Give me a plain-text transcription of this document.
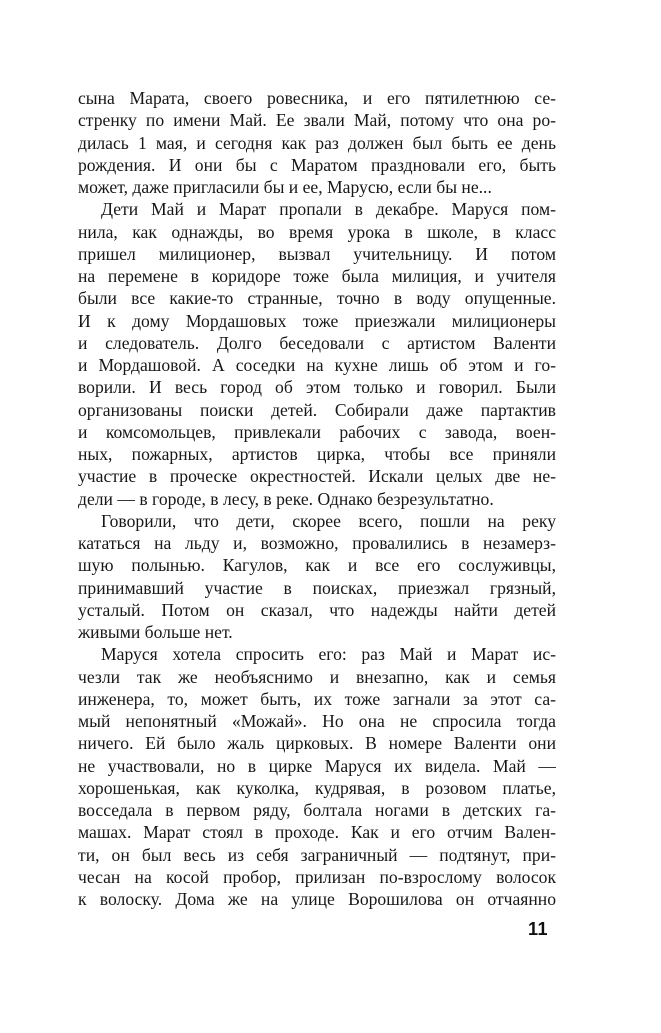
сына Марата, своего ровесника, и его пятилетнюю се-
стренку по имени Май. Ее звали Май, потому что она ро-
дилась 1 мая, и сегодня как раз должен был быть ее день
рождения. И они бы с Маратом праздновали его, быть
может, даже пригласили бы и ее, Марусю, если бы не...
Дети Май и Марат пропали в декабре. Маруся пом-
нила, как однажды, во время урока в школе, в класс
пришел милиционер, вызвал учительницу. И потом
на перемене в коридоре тоже была милиция, и учителя
были все какие-то странные, точно в воду опущенные.
И к дому Мордашовых тоже приезжали милиционеры
и следователь. Долго беседовали с артистом Валенти
и Мордашовой. А соседки на кухне лишь об этом и го-
ворили. И весь город об этом только и говорил. Были
организованы поиски детей. Собирали даже партактив
и комсомольцев, привлекали рабочих с завода, воен-
ных, пожарных, артистов цирка, чтобы все приняли
участие в проческе окрестностей. Искали целых две не-
дели — в городе, в лесу, в реке. Однако безрезультатно.
Говорили, что дети, скорее всего, пошли на реку
кататься на льду и, возможно, провалились в незамерз-
шую полынью. Кагулов, как и все его сослуживцы,
принимавший участие в поисках, приезжал грязный,
усталый. Потом он сказал, что надежды найти детей
живыми больше нет.
Маруся хотела спросить его: раз Май и Марат ис-
чезли так же необъяснимо и внезапно, как и семья
инженера, то, может быть, их тоже загнали за этот са-
мый непонятный «Можай». Но она не спросила тогда
ничего. Ей было жаль цирковых. В номере Валенти они
не участвовали, но в цирке Маруся их видела. Май —
хорошенькая, как куколка, кудрявая, в розовом платье,
восседала в первом ряду, болтала ногами в детских га-
машах. Марат стоял в проходе. Как и его отчим Вален-
ти, он был весь из себя заграничный — подтянут, при-
чесан на косой пробор, прилизан по-взрослому волосок
к волоску. Дома же на улице Ворошилова он отчаянно
11
